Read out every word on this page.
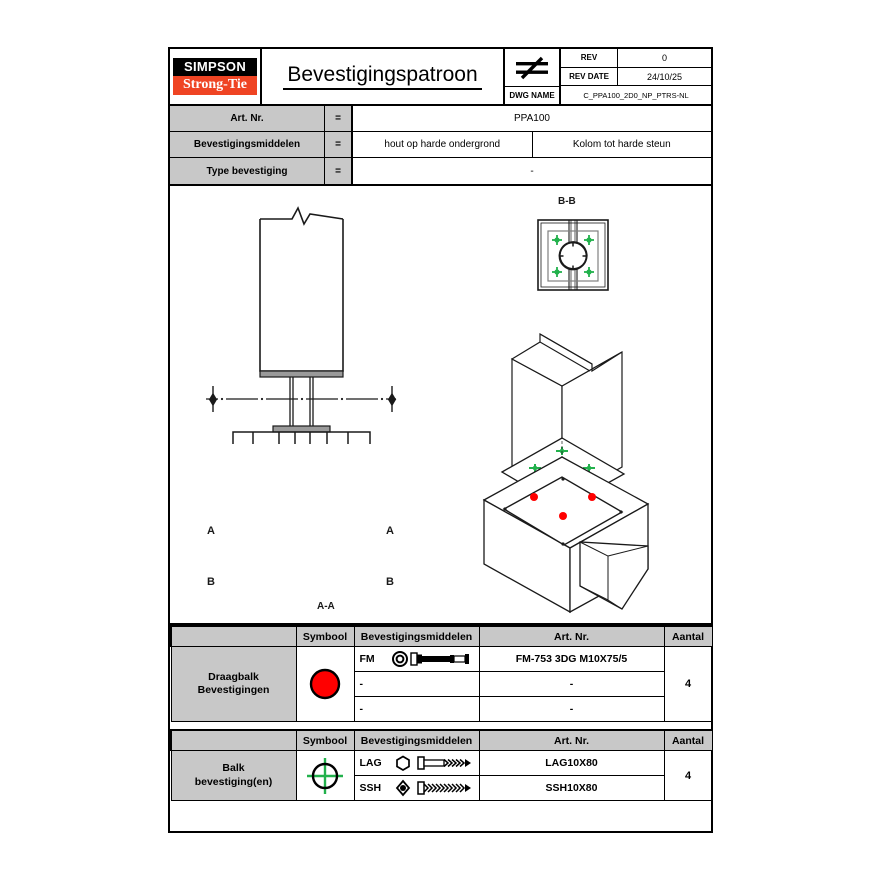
SIMPSON
Strong-Tie	Bevestigingspatroon
DWG NAME
REV	0
REV DATE	24/10/25
C_PPA100_2D0_NP_PTRS-NL
Art. Nr.	=	PPA100
Bevestigingsmiddelen	=	hout op harde ondergrond	Kolom tot harde steun
Type bevestiging	=	-
A	A
B	B
B-B
A-A
	Symbool	Bevestigingsmiddelen	Art. Nr.	Aantal

Draagbalk
Bevestigingen		FM	FM-753 3DG M10X75/5	4
		-	-	
		-	-	
	Symbool	Bevestigingsmiddelen	Art. Nr.	Aantal

Balk
bevestiging(en)		LAG	LAG10X80	4

		SSH	SSH10X80	
